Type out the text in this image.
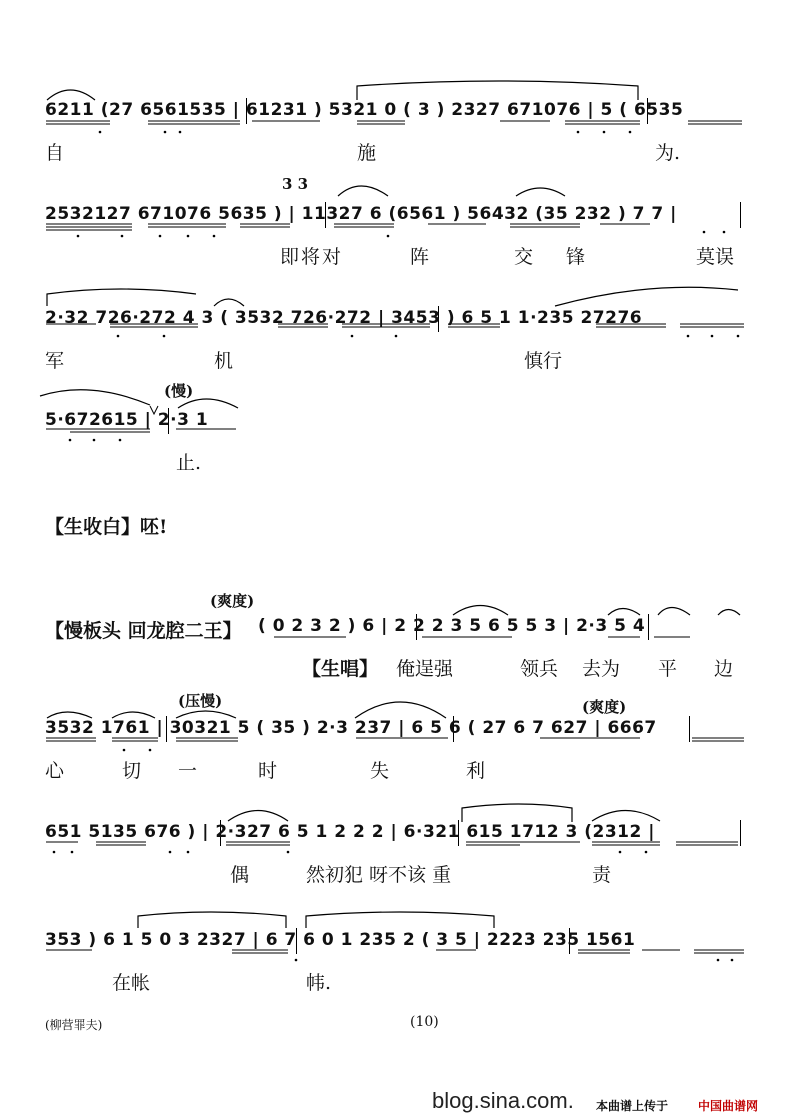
6211 (27 6561535 | 61231 ) 5321 0 ( 3 ) 2327 671076 | 5 ( 6535
自	施	为.
3 3
2532127 671076 5635 ) | 11327 6 (6561 ) 56432 (35 232 ) 7 7 |
即将对	阵	交 锋	莫误
2·32 726·272 4 3 ( 3532 726·272 | 3453 ) 6 5 1 1·235 27276
军	机	慎行
(慢)
5·672615 | 2·3 1
止.
【生收白】呸!
(爽度)
【慢板头 回龙腔二王】 ( 0 2 3 2 ) 6 | 2 2 2 3 5 6 5 5 3 | 2·3 5 4
【生唱】 俺逞强	领兵 去为 平 边
(压慢)	(爽度)
3532 1761 | 30321 5 ( 35 ) 2·3 237 | 6 5 6 ( 27 6 7 627 | 6667
心	切 一	时	失	利
651 5135 676 ) | 2·327 6 5 1 2 2 2 | 6·321 615 1712 3 (2312 |
偶	然初犯 呀不该 重	责
353 ) 6 1 5 0 3 2327 | 6 7 6 0 1 235 2 ( 3 5 | 2223 235 1561
在帐	帏.
(柳营罪夫)	(10)
blog.sina.com. 本曲谱上传于 中国曲谱网
